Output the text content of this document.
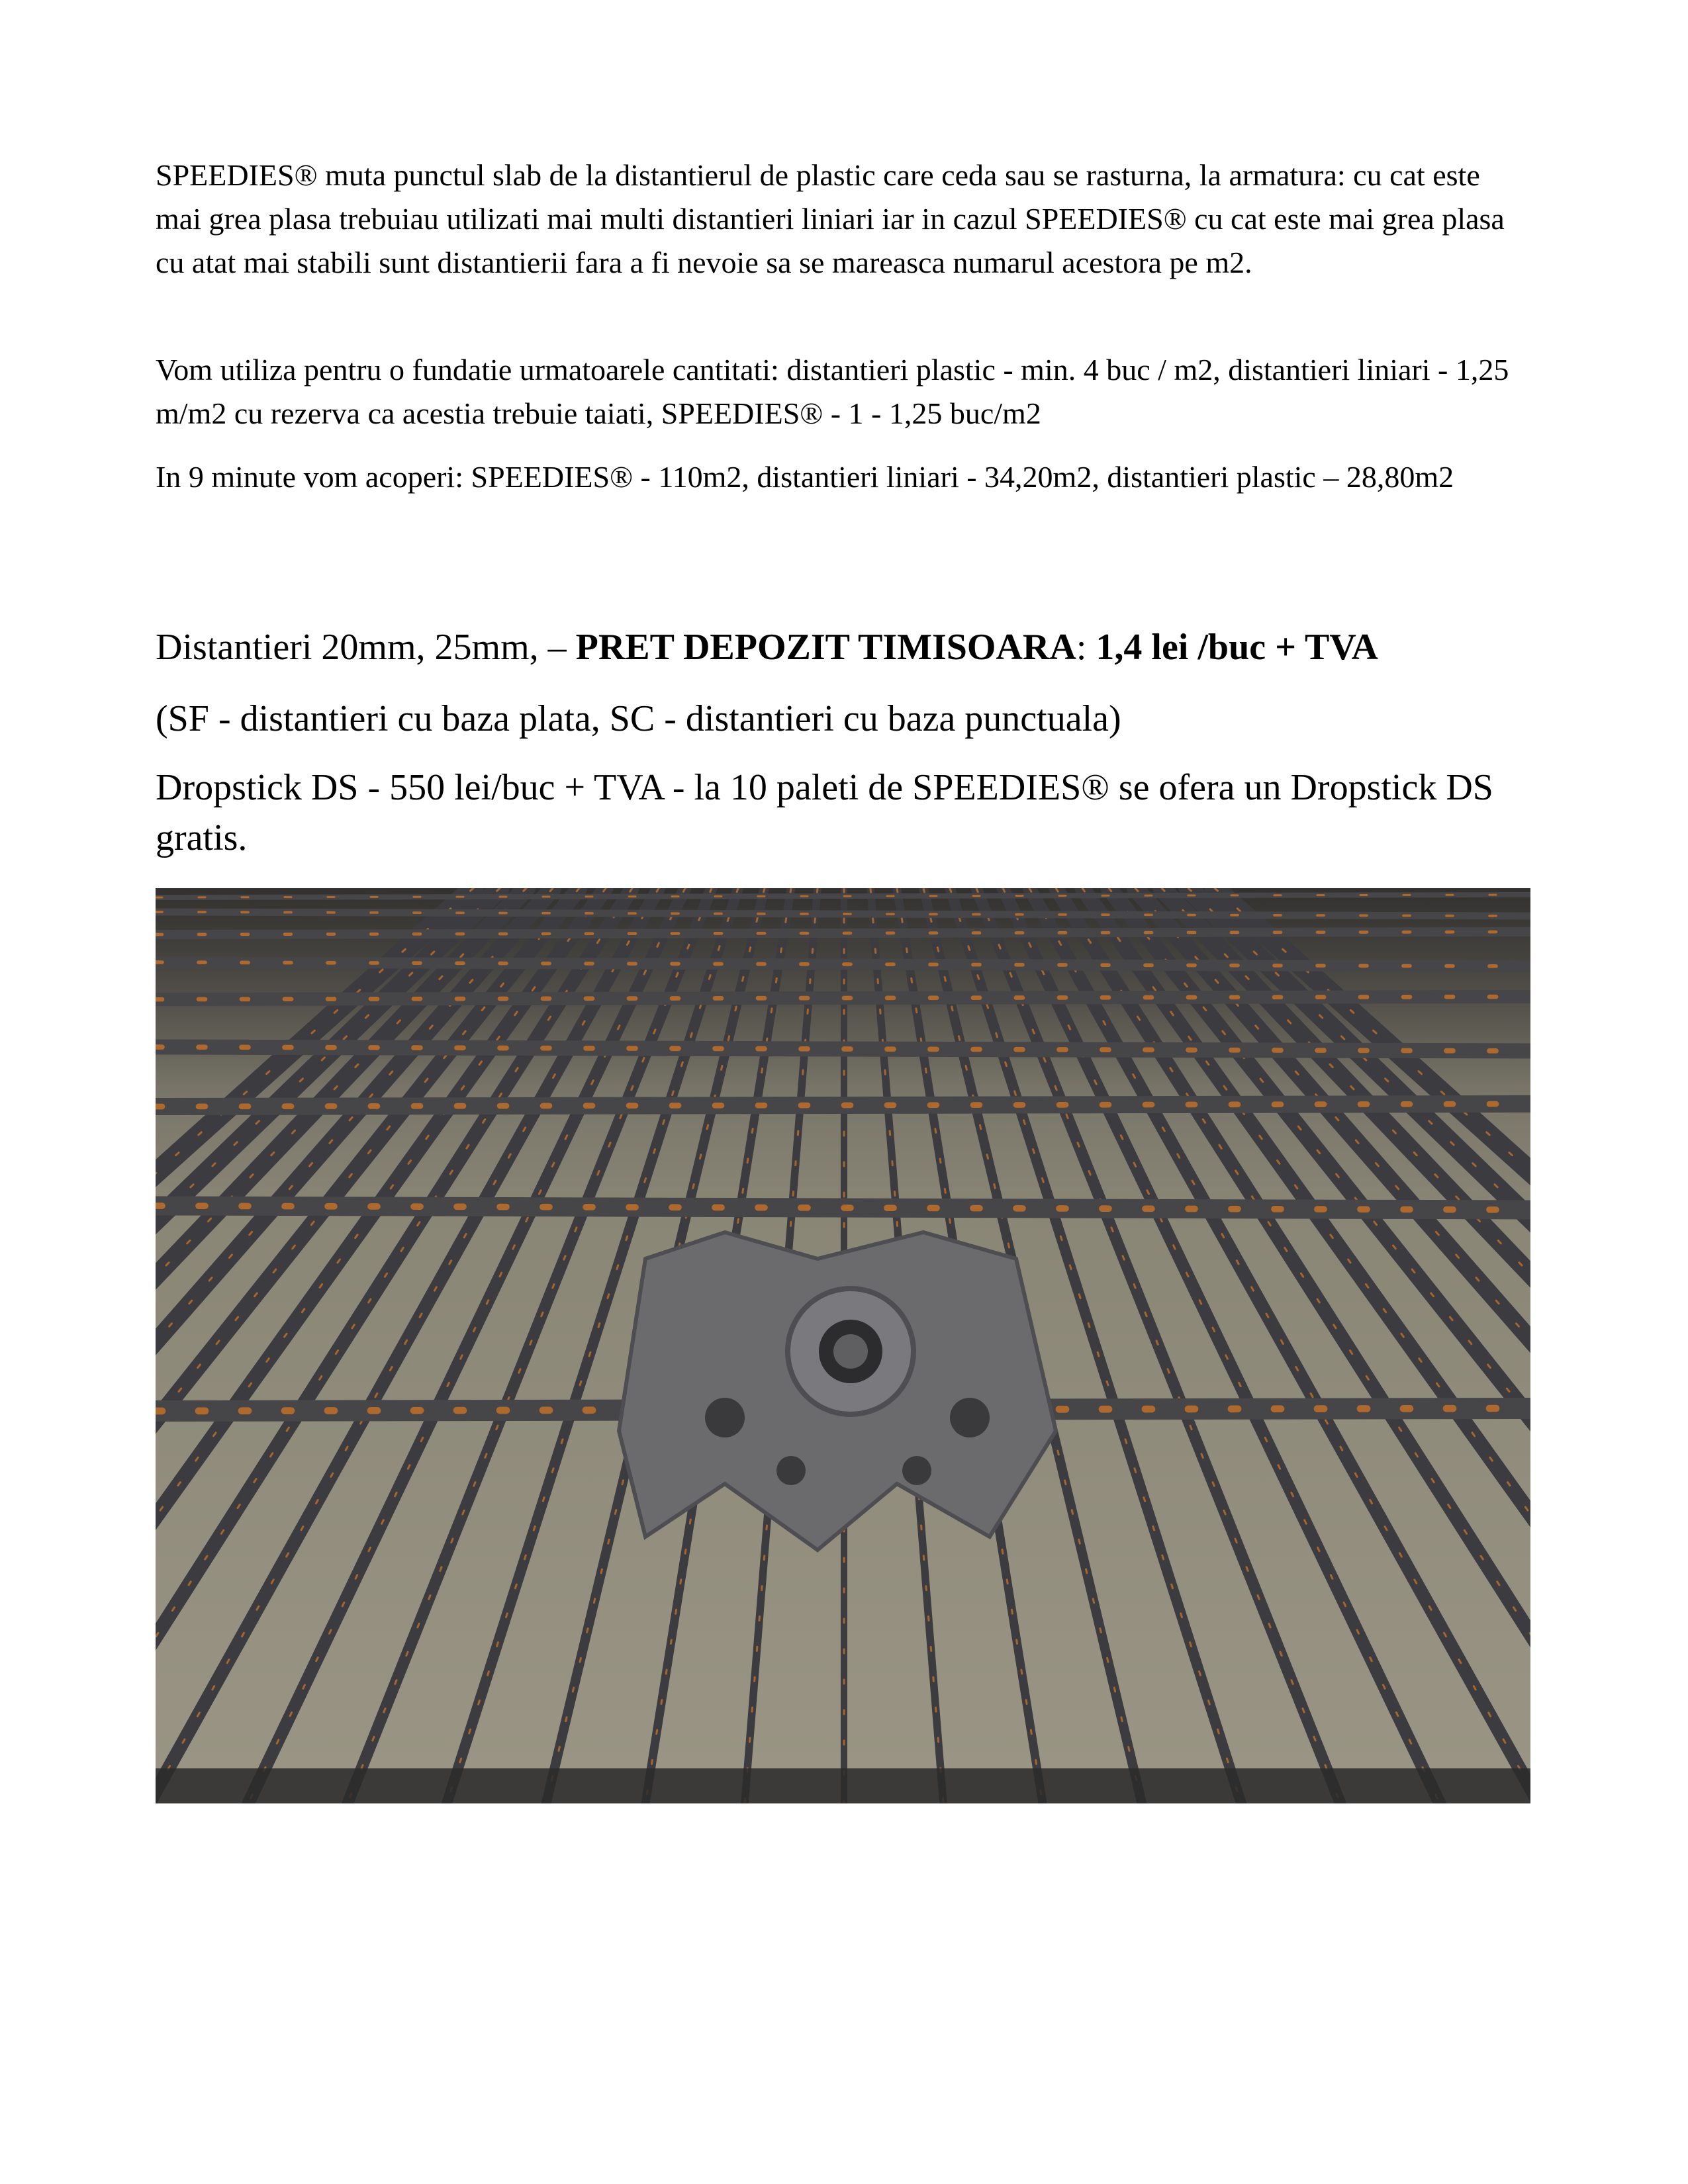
SPEEDIES® muta punctul slab de la distantierul de plastic care ceda sau se rasturna, la armatura: cu cat este mai grea plasa trebuiau utilizati mai multi distantieri liniari iar in cazul SPEEDIES® cu cat este mai grea plasa cu atat mai stabili sunt distantierii fara a fi nevoie sa se mareasca numarul acestora pe m2.

Vom utiliza pentru o fundatie urmatoarele cantitati: distantieri plastic - min. 4 buc / m2, distantieri liniari - 1,25 m/m2 cu rezerva ca acestia trebuie taiati, SPEEDIES® - 1 - 1,25 buc/m2

In 9 minute vom acoperi: SPEEDIES® - 110m2, distantieri liniari - 34,20m2, distantieri plastic – 28,80m2

Distantieri 20mm, 25mm, – PRET DEPOZIT TIMISOARA: 1,4 lei /buc + TVA

(SF - distantieri cu baza plata, SC - distantieri cu baza punctuala)

Dropstick DS - 550 lei/buc + TVA - la 10 paleti de SPEEDIES® se ofera un Dropstick DS gratis.
